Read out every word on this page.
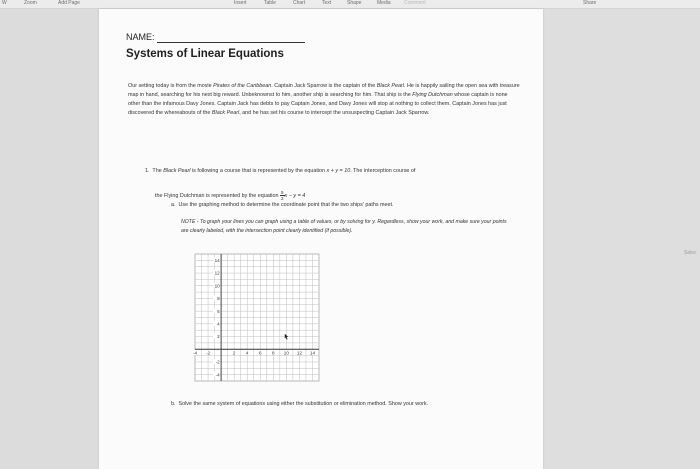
W	Zoom	Add Page	Insert	Table	Chart	Text	Shape	Media	Comment	Share
Selec
NAME:
Systems of Linear Equations
Our setting today is from the movie Pirates of the Caribbean. Captain Jack Sparrow is the captain of the Black Pearl. He is happily sailing the open sea with treasure map in hand, searching for his next big reward. Unbeknownst to him, another ship is searching for him. That ship is the Flying Dutchman whose captain is none other than the infamous Davy Jones. Captain Jack has debts to pay Captain Jones, and Davy Jones will stop at nothing to collect them. Captain Jones has just discovered the whereabouts of the Black Pearl, and he has set his course to intercept the unsuspecting Captain Jack Sparrow.
1. The Black Pearl is following a course that is represented by the equation x + y = 10. The interception course of
the Flying Dutchman is represented by the equation $\frac{5}{2}$ x − y = 4
a. Use the graphing method to determine the coordinate point that the two ships' paths meet.
NOTE - To graph your lines you can graph using a table of values, or by solving for y. Regardless, show your work, and make sure your points are clearly labeled, with the intersection point clearly identified (if possible).
-4 -2	2 4 6 8 10 12 14
14
12
10
8
6
4
2
-2
-4
b. Solve the same system of equations using either the substitution or elimination method. Show your work.
